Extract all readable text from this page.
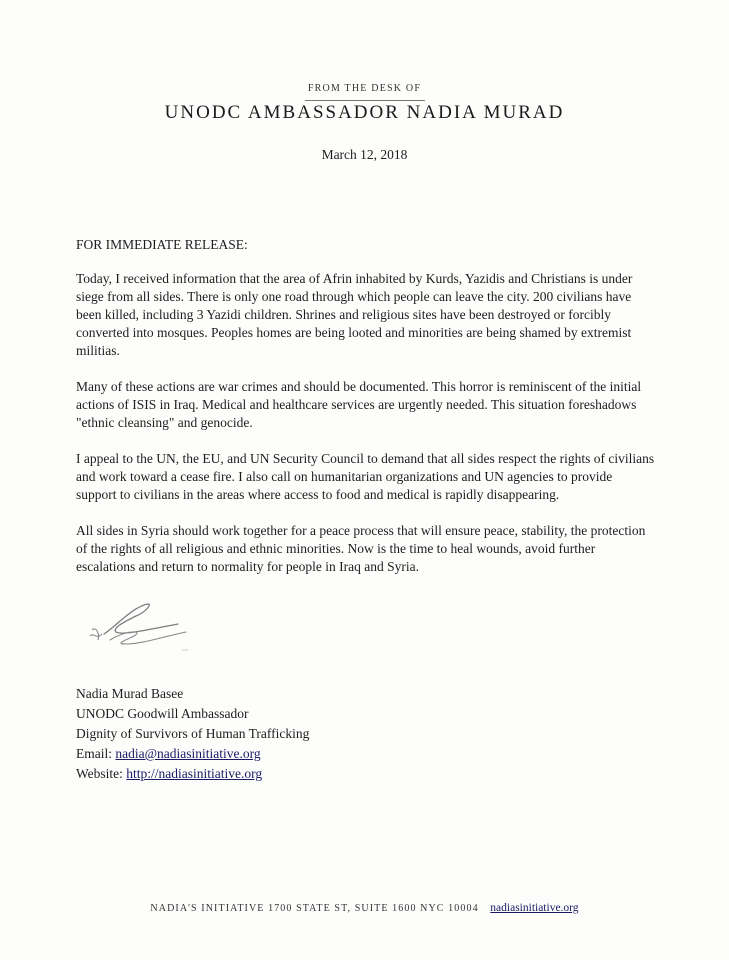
FROM THE DESK OF
UNODC AMBASSADOR NADIA MURAD
March 12, 2018

FOR IMMEDIATE RELEASE:

Today, I received information that the area of Afrin inhabited by Kurds, Yazidis and Christians is under siege from all sides. There is only one road through which people can leave the city. 200 civilians have been killed, including 3 Yazidi children. Shrines and religious sites have been destroyed or forcibly converted into mosques. Peoples homes are being looted and minorities are being shamed by extremist militias.

Many of these actions are war crimes and should be documented. This horror is reminiscent of the initial actions of ISIS in Iraq. Medical and healthcare services are urgently needed. This situation foreshadows "ethnic cleansing" and genocide.

I appeal to the UN, the EU, and UN Security Council to demand that all sides respect the rights of civilians and work toward a cease fire. I also call on humanitarian organizations and UN agencies to provide support to civilians in the areas where access to food and medical is rapidly disappearing.

All sides in Syria should work together for a peace process that will ensure peace, stability, the protection of the rights of all religious and ethnic minorities. Now is the time to heal wounds, avoid further escalations and return to normality for people in Iraq and Syria.

Nadia Murad Basee
UNODC Goodwill Ambassador
Dignity of Survivors of Human Trafficking
Email: nadia@nadiasinitiative.org
Website: http://nadiasinitiative.org
NADIA'S INITIATIVE 1700 STATE ST, SUITE 1600 NYC 10004 nadiasinitiative.org
